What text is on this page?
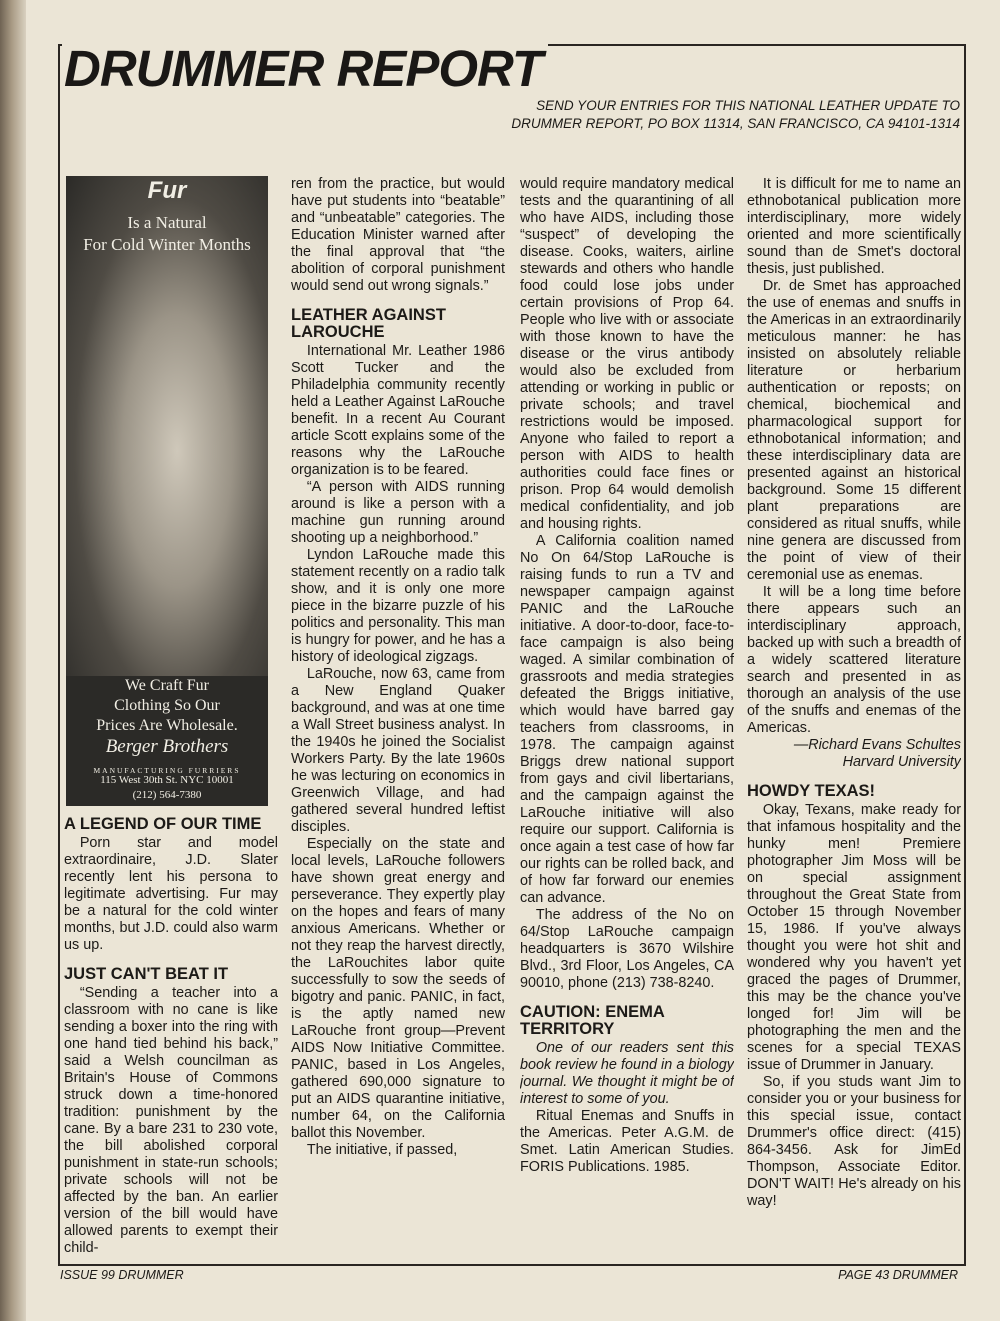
DRUMMER REPORT
SEND YOUR ENTRIES FOR THIS NATIONAL LEATHER UPDATE TO
DRUMMER REPORT, PO BOX 11314, SAN FRANCISCO, CA 94101-1314
Fur
Is a Natural
For Cold Winter Months
We Craft Fur
Clothing So Our
Prices Are Wholesale.
Berger Brothers
MANUFACTURING FURRIERS
115 West 30th St. NYC 10001
(212) 564-7380
A LEGEND OF OUR TIME

Porn star and model extraordinaire, J.D. Slater recently lent his persona to legitimate advertising. Fur may be a natural for the cold winter months, but J.D. could also warm us up.

JUST CAN'T BEAT IT

“Sending a teacher into a classroom with no cane is like sending a boxer into the ring with one hand tied behind his back,” said a Welsh councilman as Britain's House of Commons struck down a time-honored tradition: punishment by the cane. By a bare 231 to 230 vote, the bill abolished corporal punishment in state-run schools; private schools will not be affected by the ban. An earlier version of the bill would have allowed parents to exempt their child-

ren from the practice, but would have put students into “beatable” and “unbeatable” categories. The Education Minister warned after the final approval that “the abolition of corporal punishment would send out wrong signals.”

LEATHER AGAINST LAROUCHE

International Mr. Leather 1986 Scott Tucker and the Philadelphia community recently held a Leather Against LaRouche benefit. In a recent Au Courant article Scott explains some of the reasons why the LaRouche organization is to be feared.

“A person with AIDS running around is like a person with a machine gun running around shooting up a neighborhood.”

Lyndon LaRouche made this statement recently on a radio talk show, and it is only one more piece in the bizarre puzzle of his politics and personality. This man is hungry for power, and he has a history of ideological zigzags.

LaRouche, now 63, came from a New England Quaker background, and was at one time a Wall Street business analyst. In the 1940s he joined the Socialist Workers Party. By the late 1960s he was lecturing on economics in Greenwich Village, and had gathered several hundred leftist disciples.

Especially on the state and local levels, LaRouche followers have shown great energy and perseverance. They expertly play on the hopes and fears of many anxious Americans. Whether or not they reap the harvest directly, the LaRouchites labor quite successfully to sow the seeds of bigotry and panic. PANIC, in fact, is the aptly named new LaRouche front group—Prevent AIDS Now Initiative Committee. PANIC, based in Los Angeles, gathered 690,000 signature to put an AIDS quarantine initiative, number 64, on the California ballot this November.

The initiative, if passed,

would require mandatory medical tests and the quarantining of all who have AIDS, including those “suspect” of developing the disease. Cooks, waiters, airline stewards and others who handle food could lose jobs under certain provisions of Prop 64. People who live with or associate with those known to have the disease or the virus antibody would also be excluded from attending or working in public or private schools; and travel restrictions would be imposed. Anyone who failed to report a person with AIDS to health authorities could face fines or prison. Prop 64 would demolish medical confidentiality, and job and housing rights.

A California coalition named No On 64/Stop LaRouche is raising funds to run a TV and newspaper campaign against PANIC and the LaRouche initiative. A door-to-door, face-to-face campaign is also being waged. A similar combination of grassroots and media strategies defeated the Briggs initiative, which would have barred gay teachers from classrooms, in 1978. The campaign against Briggs drew national support from gays and civil libertarians, and the campaign against the LaRouche initiative will also require our support. California is once again a test case of how far our rights can be rolled back, and of how far forward our enemies can advance.

The address of the No on 64/Stop LaRouche campaign headquarters is 3670 Wilshire Blvd., 3rd Floor, Los Angeles, CA 90010, phone (213) 738-8240.

CAUTION: ENEMA TERRITORY

One of our readers sent this book review he found in a biology journal. We thought it might be of interest to some of you.

Ritual Enemas and Snuffs in the Americas. Peter A.G.M. de Smet. Latin American Studies. FORIS Publications. 1985.

It is difficult for me to name an ethnobotanical publication more interdisciplinary, more widely oriented and more scientifically sound than de Smet's doctoral thesis, just published.

Dr. de Smet has approached the use of enemas and snuffs in the Americas in an extraordinarily meticulous manner: he has insisted on absolutely reliable literature or herbarium authentication or reposts; on chemical, biochemical and pharmacological support for ethnobotanical information; and these interdisciplinary data are presented against an historical background. Some 15 different plant preparations are considered as ritual snuffs, while nine genera are discussed from the point of view of their ceremonial use as enemas.

It will be a long time before there appears such an interdisciplinary approach, backed up with such a breadth of a widely scattered literature search and presented in as thorough an analysis of the use of the snuffs and enemas of the Americas.

—Richard Evans Schultes

Harvard University

HOWDY TEXAS!

Okay, Texans, make ready for that infamous hospitality and the hunky men! Premiere photographer Jim Moss will be on special assignment throughout the Great State from October 15 through November 15, 1986. If you've always thought you were hot shit and wondered why you haven't yet graced the pages of Drummer, this may be the chance you've longed for! Jim will be photographing the men and the scenes for a special TEXAS issue of Drummer in January.

So, if you studs want Jim to consider you or your business for this special issue, contact Drummer's office direct: (415) 864-3456. Ask for JimEd Thompson, Associate Editor. DON'T WAIT! He's already on his way!

ISSUE 99 DRUMMER	PAGE 43 DRUMMER
